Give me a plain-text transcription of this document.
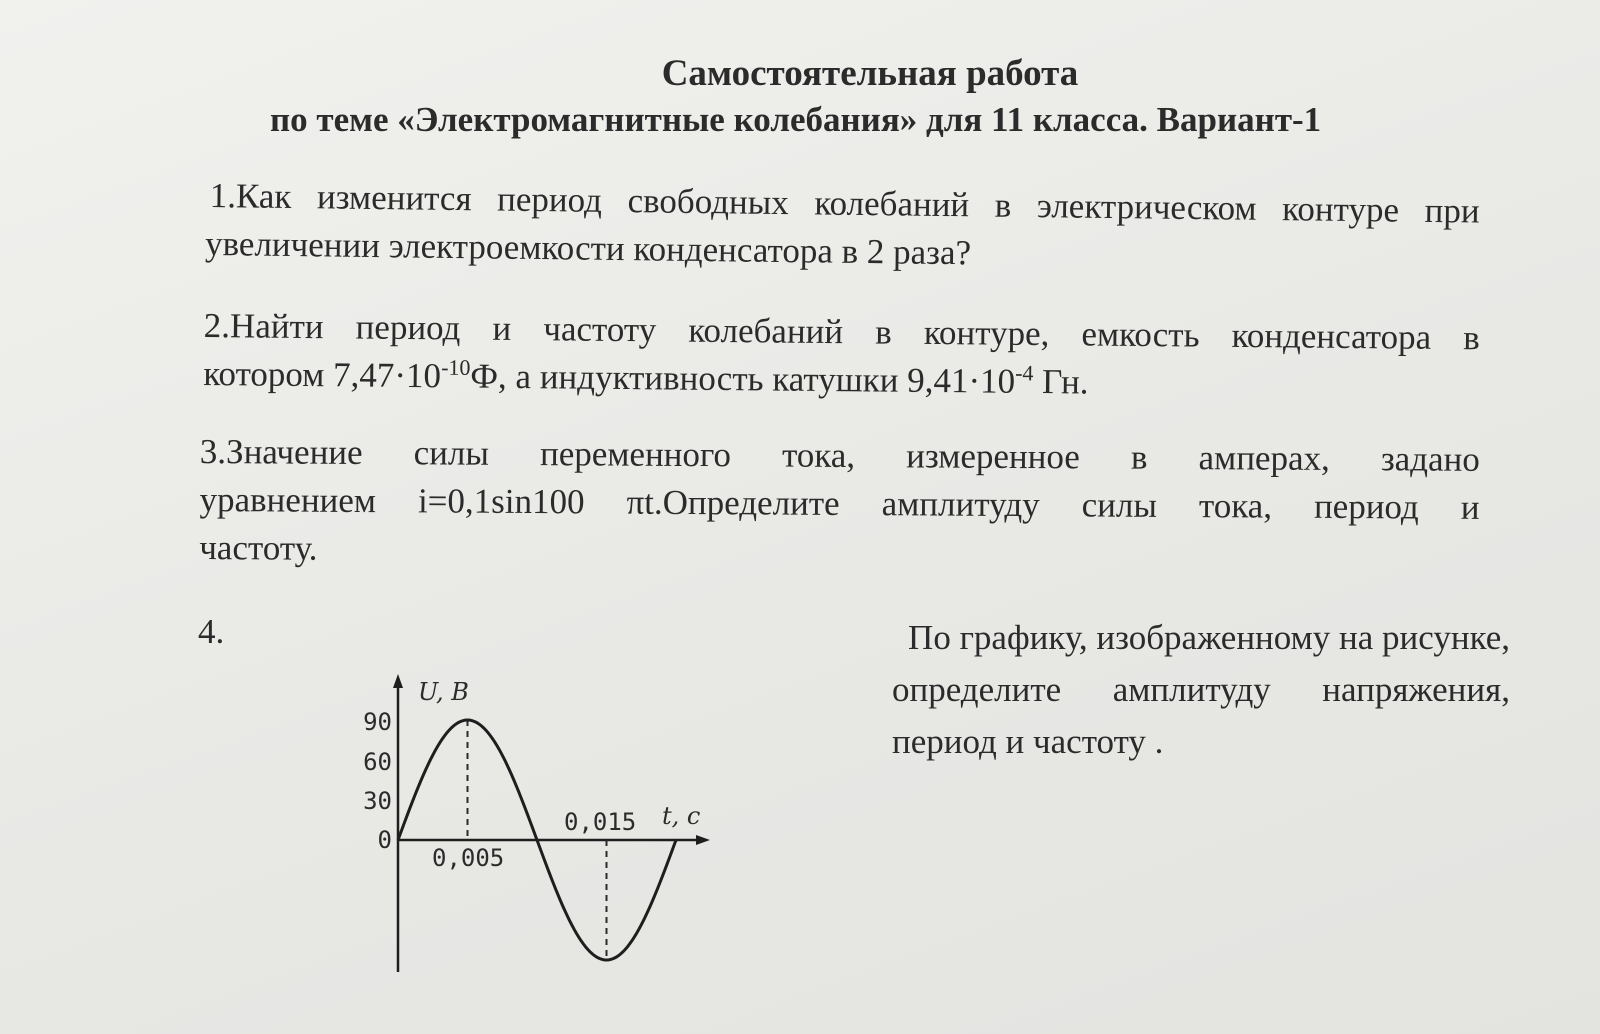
Самостоятельная работа
по теме «Электромагнитные колебания» для 11 класса. Вариант-1
1.Как изменится период свободных колебаний в электрическом контуре при
увеличении электроемкости конденсатора в 2 раза?
2.Найти период и частоту колебаний в контуре, емкость конденсатора в
котором $7,47\cdot 10^{-10}Ф$, а индуктивность катушки $9,41\cdot 10^{-4}$ Гн.
3.Значение силы переменного тока, измеренное в амперах, задано
уравнением i=0,1sin100 πt.Определите амплитуду силы тока, период и
частоту.
4.	По графику, изображенному на рисунке,
определите амплитуду напряжения,
период и частоту .
U, В
t, с
90
60
30
0
0,005
0,015
